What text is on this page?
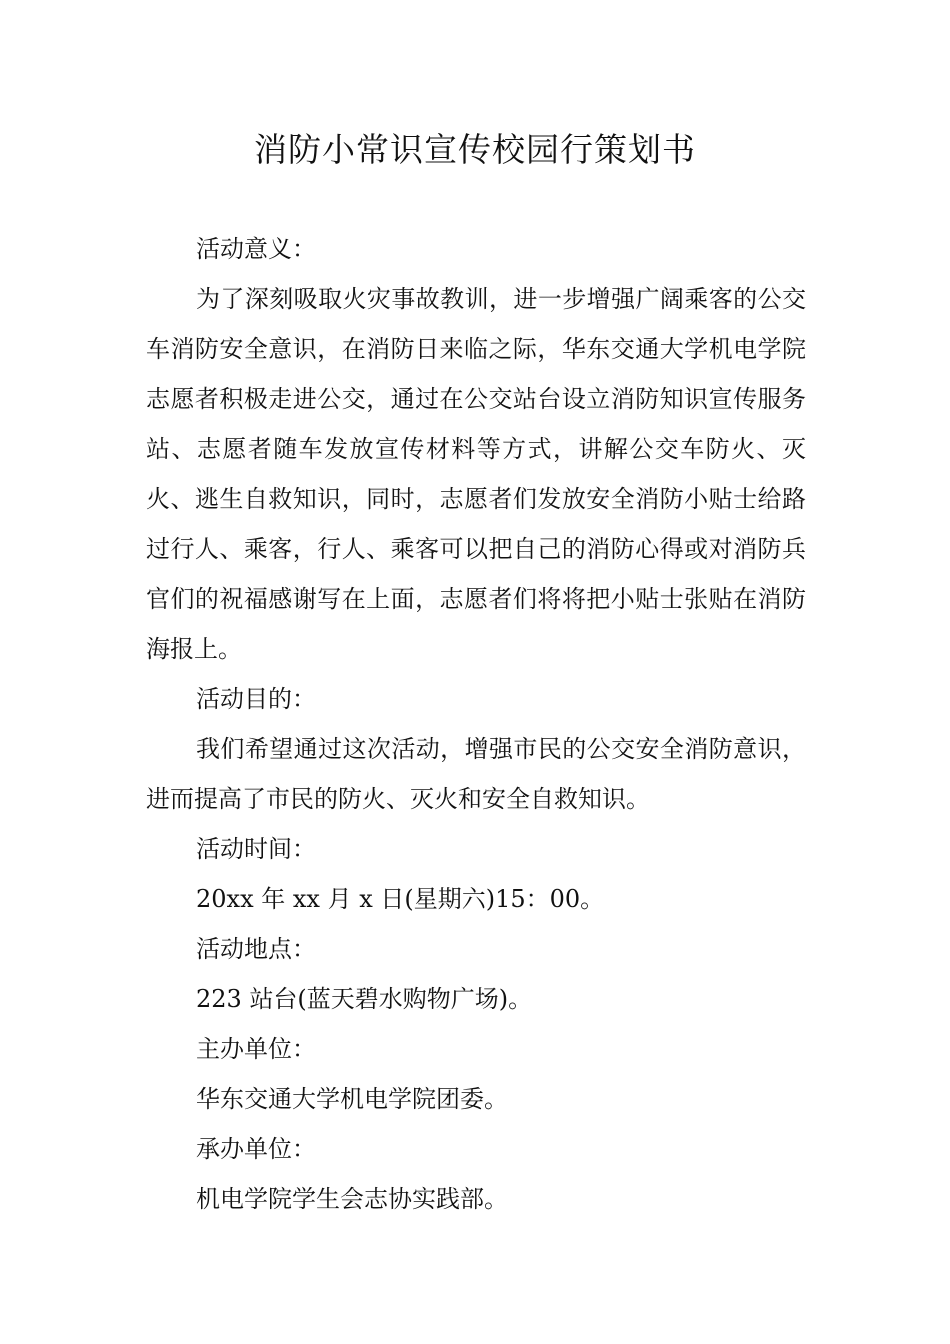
消防小常识宣传校园行策划书

活动意义：

为了深刻吸取火灾事故教训，进一步增强广阔乘客的公交车消防安全意识，在消防日来临之际，华东交通大学机电学院志愿者积极走进公交，通过在公交站台设立消防知识宣传服务站、志愿者随车发放宣传材料等方式，讲解公交车防火、灭火、逃生自救知识，同时，志愿者们发放安全消防小贴士给路过行人、乘客，行人、乘客可以把自己的消防心得或对消防兵官们的祝福感谢写在上面，志愿者们将将把小贴士张贴在消防海报上。

活动目的：

我们希望通过这次活动，增强市民的公交安全消防意识，进而提高了市民的防火、灭火和安全自救知识。

活动时间：

20xx 年 xx 月 x 日(星期六)15：00。

活动地点：

223 站台(蓝天碧水购物广场)。

主办单位：

华东交通大学机电学院团委。

承办单位：

机电学院学生会志协实践部。
